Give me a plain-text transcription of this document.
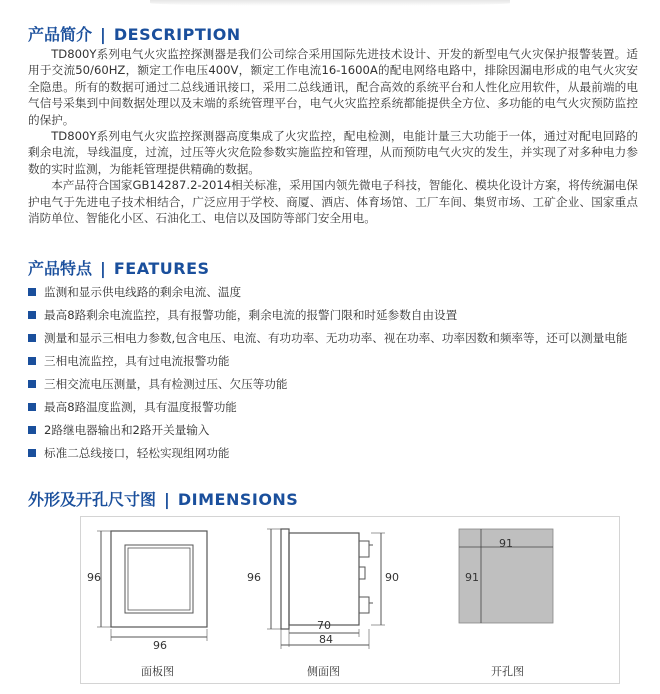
产品简介 | DESCRIPTION

TD800Y系列电气火灾监控探测器是我们公司综合采用国际先进技术设计、开发的新型电气火灾保护报警装置。适用于交流50/60HZ，额定工作电压400V，额定工作电流16-1600A的配电网络电路中，排除因漏电形成的电气火灾安全隐患。所有的数据可通过二总线通讯接口，采用二总线通讯，配合高效的系统平台和人性化应用软件，从最前端的电气信号采集到中间数据处理以及末端的系统管理平台，电气火灾监控系统都能提供全方位、多功能的电气火灾预防监控的保护。

TD800Y系列电气火灾监控探测器高度集成了火灾监控，配电检测，电能计量三大功能于一体，通过对配电回路的剩余电流，导线温度，过流，过压等火灾危险参数实施监控和管理，从而预防电气火灾的发生，并实现了对多种电力参数的实时监测，为能耗管理提供精确的数据。

本产品符合国家GB14287.2-2014相关标准，采用国内领先微电子科技，智能化、模块化设计方案，将传统漏电保护电气于先进电子技术相结合，广泛应用于学校、商厦、酒店、体育场馆、工厂车间、集贸市场、工矿企业、国家重点消防单位、智能化小区、石油化工、电信以及国防等部门安全用电。

产品特点 | FEATURES
监测和显示供电线路的剩余电流、温度
最高8路剩余电流监控，具有报警功能，剩余电流的报警门限和时延参数自由设置
测量和显示三相电力参数,包含电压、电流、有功功率、无功功率、视在功率、功率因数和频率等，还可以测量电能
三相电流监控，具有过电流报警功能
三相交流电压测量，具有检测过压、欠压等功能
最高8路温度监测，具有温度报警功能
2路继电器输出和2路开关量输入
标准二总线接口，轻松实现组网功能
外形及开孔尺寸图 | DIMENSIONS
96
96
面板图
96	90
70
84
侧面图
91
91
开孔图
